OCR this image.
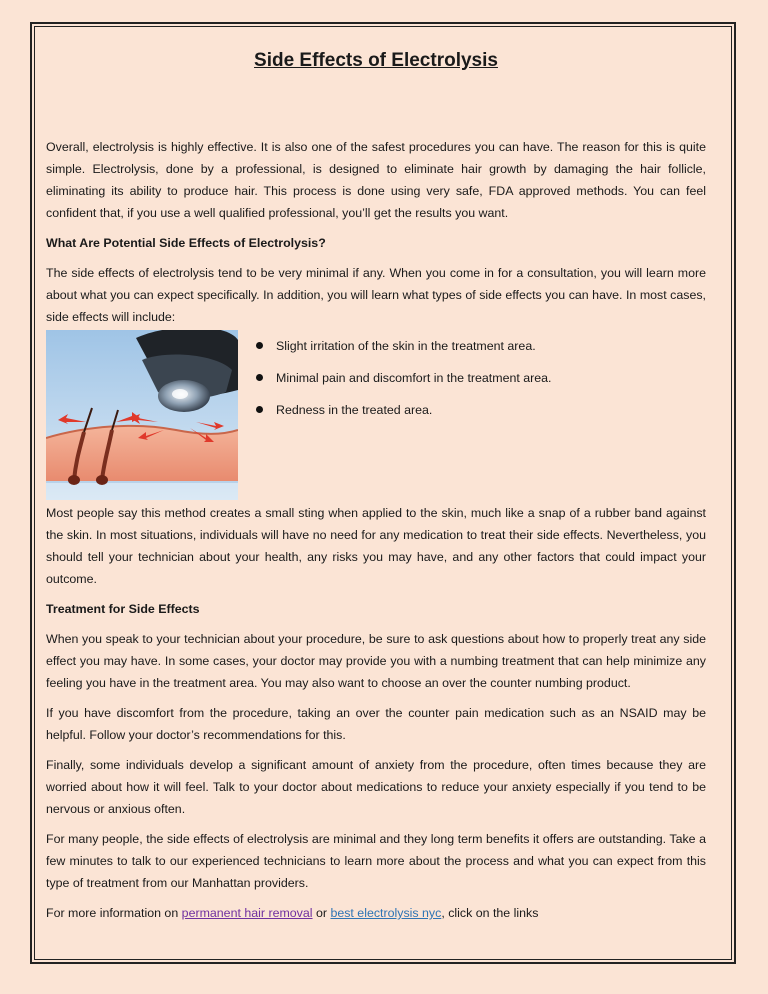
Side Effects of Electrolysis

Overall, electrolysis is highly effective. It is also one of the safest procedures you can have. The reason for this is quite simple. Electrolysis, done by a professional, is designed to eliminate hair growth by damaging the hair follicle, eliminating its ability to produce hair. This process is done using very safe, FDA approved methods. You can feel confident that, if you use a well qualified professional, you’ll get the results you want.

What Are Potential Side Effects of Electrolysis?

The side effects of electrolysis tend to be very minimal if any. When you come in for a consultation, you will learn more about what you can expect specifically. In addition, you will learn what types of side effects you can have. In most cases, side effects will include:

Slight irritation of the skin in the treatment area.
Minimal pain and discomfort in the treatment area.
Redness in the treated area.

Most people say this method creates a small sting when applied to the skin, much like a snap of a rubber band against the skin. In most situations, individuals will have no need for any medication to treat their side effects. Nevertheless, you should tell your technician about your health, any risks you may have, and any other factors that could impact your outcome.

Treatment for Side Effects

When you speak to your technician about your procedure, be sure to ask questions about how to properly treat any side effect you may have. In some cases, your doctor may provide you with a numbing treatment that can help minimize any feeling you have in the treatment area. You may also want to choose an over the counter numbing product.

If you have discomfort from the procedure, taking an over the counter pain medication such as an NSAID may be helpful. Follow your doctor’s recommendations for this.

Finally, some individuals develop a significant amount of anxiety from the procedure, often times because they are worried about how it will feel. Talk to your doctor about medications to reduce your anxiety especially if you tend to be nervous or anxious often.

For many people, the side effects of electrolysis are minimal and they long term benefits it offers are outstanding. Take a few minutes to talk to our experienced technicians to learn more about the process and what you can expect from this type of treatment from our Manhattan providers.

For more information on permanent hair removal or best electrolysis nyc, click on the links
